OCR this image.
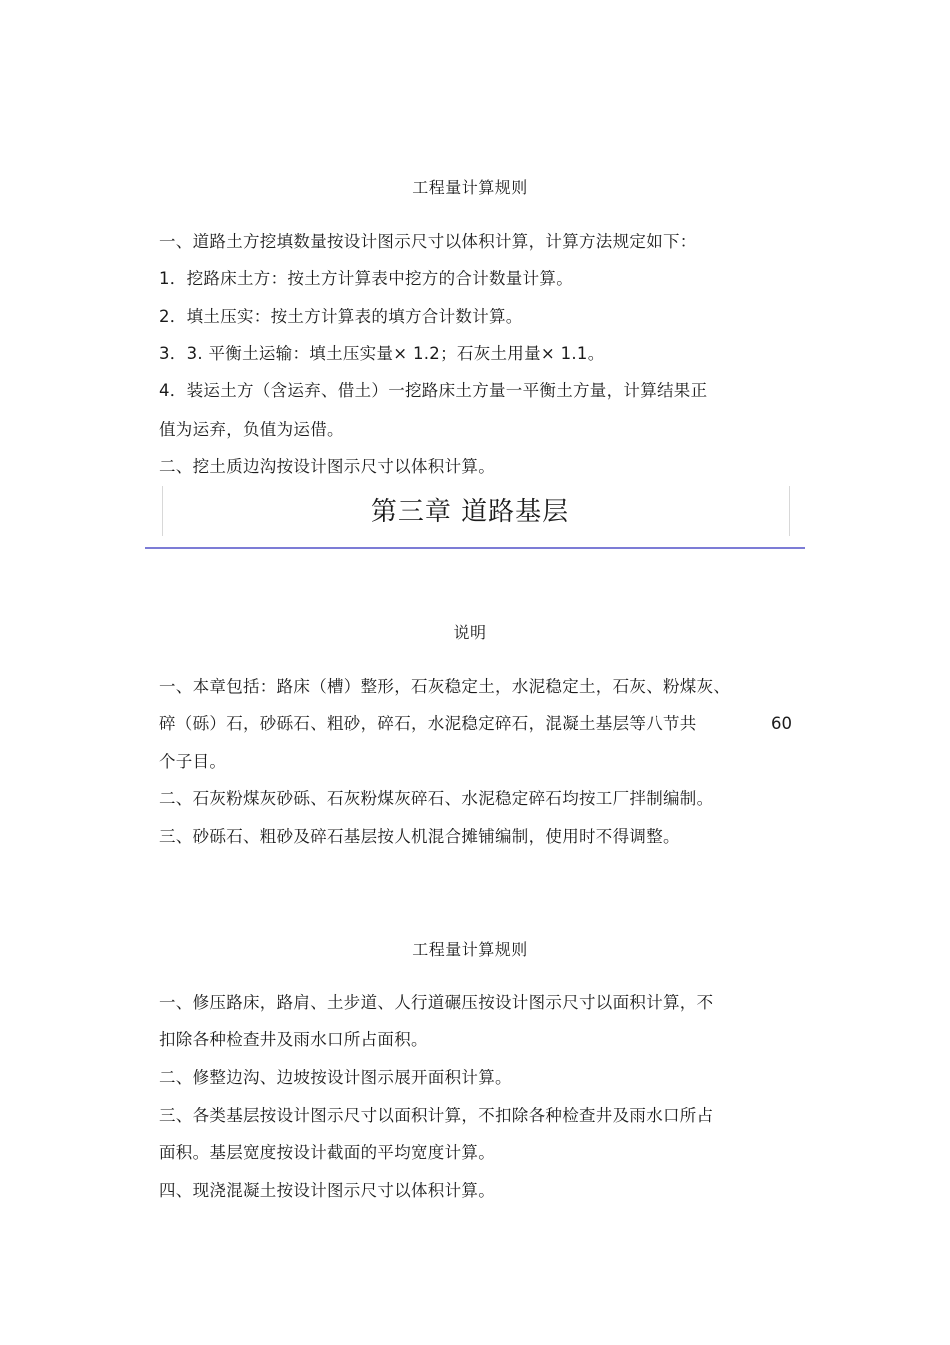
工程量计算规则
一、道路土方挖填数量按设计图示尺寸以体积计算，计算方法规定如下：
1．挖路床土方：按土方计算表中挖方的合计数量计算。
2．填土压实：按土方计算表的填方合计数计算。
3．3. 平衡土运输：填土压实量× 1.2；石灰土用量× 1.1。
4．装运土方（含运弃、借土）一挖路床土方量一平衡土方量，计算结果正
值为运弃，负值为运借。
二、挖土质边沟按设计图示尺寸以体积计算。
第三章 道路基层
说明
一、本章包括：路床（槽）整形，石灰稳定土，水泥稳定土，石灰、粉煤灰、
碎（砾）石，砂砾石、粗砂，碎石，水泥稳定碎石，混凝土基层等八节共	60
个子目。
二、石灰粉煤灰砂砾、石灰粉煤灰碎石、水泥稳定碎石均按工厂拌制编制。
三、砂砾石、粗砂及碎石基层按人机混合摊铺编制，使用时不得调整。
工程量计算规则
一、修压路床，路肩、土步道、人行道碾压按设计图示尺寸以面积计算，不
扣除各种检查井及雨水口所占面积。
二、修整边沟、边坡按设计图示展开面积计算。
三、各类基层按设计图示尺寸以面积计算，不扣除各种检查井及雨水口所占
面积。基层宽度按设计截面的平均宽度计算。
四、现浇混凝土按设计图示尺寸以体积计算。
